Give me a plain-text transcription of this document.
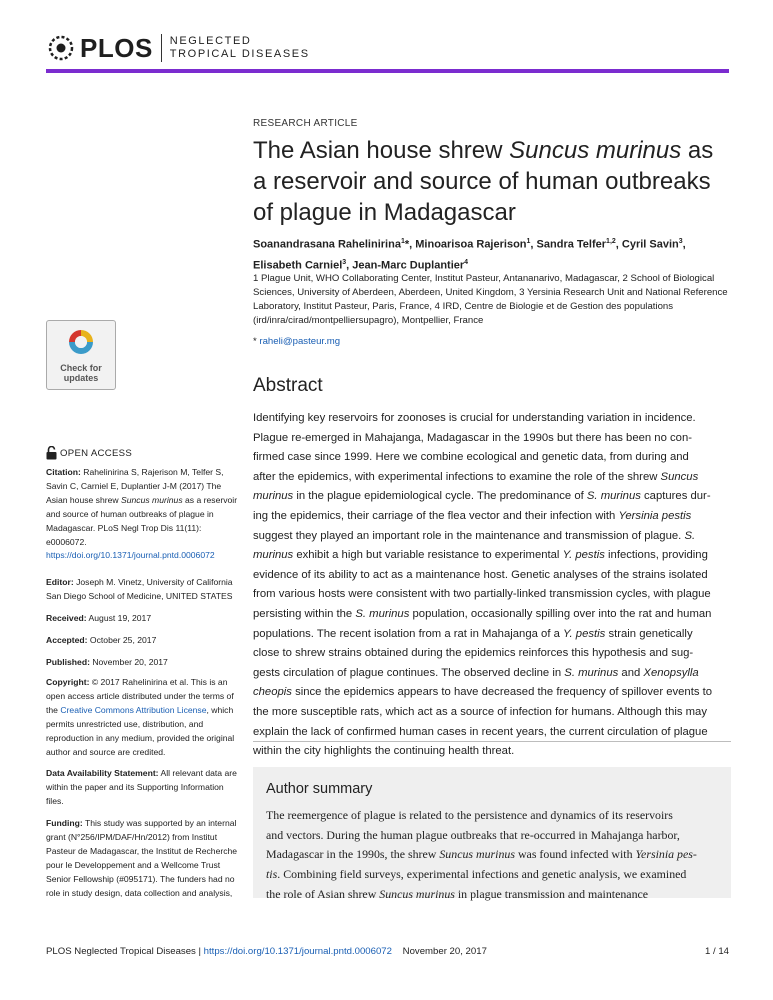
PLOS NEGLECTED
TROPICAL DISEASES
RESEARCH ARTICLE
The Asian house shrew Suncus murinus as a reservoir and source of human outbreaks of plague in Madagascar
Soanandrasana Rahelinirina$^1$*, Minoarisoa Rajerison$^1$, Sandra Telfer$^{1,2}$, Cyril Savin$^3$,
Elisabeth Carniel$^3$, Jean-Marc Duplantier$^4$
1 Plague Unit, WHO Collaborating Center, Institut Pasteur, Antananarivo, Madagascar, 2 School of Biological Sciences, University of Aberdeen, Aberdeen, United Kingdom, 3 Yersinia Research Unit and National Reference Laboratory, Institut Pasteur, Paris, France, 4 IRD, Centre de Biologie et de Gestion des populations (ird/inra/cirad/montpelliersupagro), Montpellier, France
* raheli@pasteur.mg
Abstract
Identifying key reservoirs for zoonoses is crucial for understanding variation in incidence.
Plague re-emerged in Mahajanga, Madagascar in the 1990s but there has been no con-
firmed case since 1999. Here we combine ecological and genetic data, from during and
after the epidemics, with experimental infections to examine the role of the shrew Suncus
murinus in the plague epidemiological cycle. The predominance of S. murinus captures dur-
ing the epidemics, their carriage of the flea vector and their infection with Yersinia pestis
suggest they played an important role in the maintenance and transmission of plague. S.
murinus exhibit a high but variable resistance to experimental Y. pestis infections, providing
evidence of its ability to act as a maintenance host. Genetic analyses of the strains isolated
from various hosts were consistent with two partially-linked transmission cycles, with plague
persisting within the S. murinus population, occasionally spilling over into the rat and human
populations. The recent isolation from a rat in Mahajanga of a Y. pestis strain genetically
close to shrew strains obtained during the epidemics reinforces this hypothesis and sug-
gests circulation of plague continues. The observed decline in S. murinus and Xenopsylla
cheopis since the epidemics appears to have decreased the frequency of spillover events to
the more susceptible rats, which act as a source of infection for humans. Although this may
explain the lack of confirmed human cases in recent years, the current circulation of plague
within the city highlights the continuing health threat.
Author summary
The reemergence of plague is related to the persistence and dynamics of its reservoirs
and vectors. During the human plague outbreaks that re-occurred in Mahajanga harbor,
Madagascar in the 1990s, the shrew Suncus murinus was found infected with Yersinia pes-
tis. Combining field surveys, experimental infections and genetic analysis, we examined
the role of Asian shrew Suncus murinus in plague transmission and maintenance
Check for
updates
OPEN ACCESS
Citation: Rahelinirina S, Rajerison M, Telfer S, Savin C, Carniel E, Duplantier J-M (2017) The Asian house shrew Suncus murinus as a reservoir and source of human outbreaks of plague in Madagascar. PLoS Negl Trop Dis 11(11): e0006072. https://doi.org/10.1371/journal.pntd.0006072
Editor: Joseph M. Vinetz, University of California San Diego School of Medicine, UNITED STATES
Received: August 19, 2017
Accepted: October 25, 2017
Published: November 20, 2017
Copyright: © 2017 Rahelinirina et al. This is an open access article distributed under the terms of the Creative Commons Attribution License, which permits unrestricted use, distribution, and reproduction in any medium, provided the original author and source are credited.
Data Availability Statement: All relevant data are within the paper and its Supporting Information files.
Funding: This study was supported by an internal grant (N°256/IPM/DAF/Hn/2012) from Institut Pasteur de Madagascar, the Institut de Recherche pour le Developpement and a Wellcome Trust Senior Fellowship (#095171). The funders had no role in study design, data collection and analysis,
PLOS Neglected Tropical Diseases | https://doi.org/10.1371/journal.pntd.0006072 November 20, 2017	1 / 14
